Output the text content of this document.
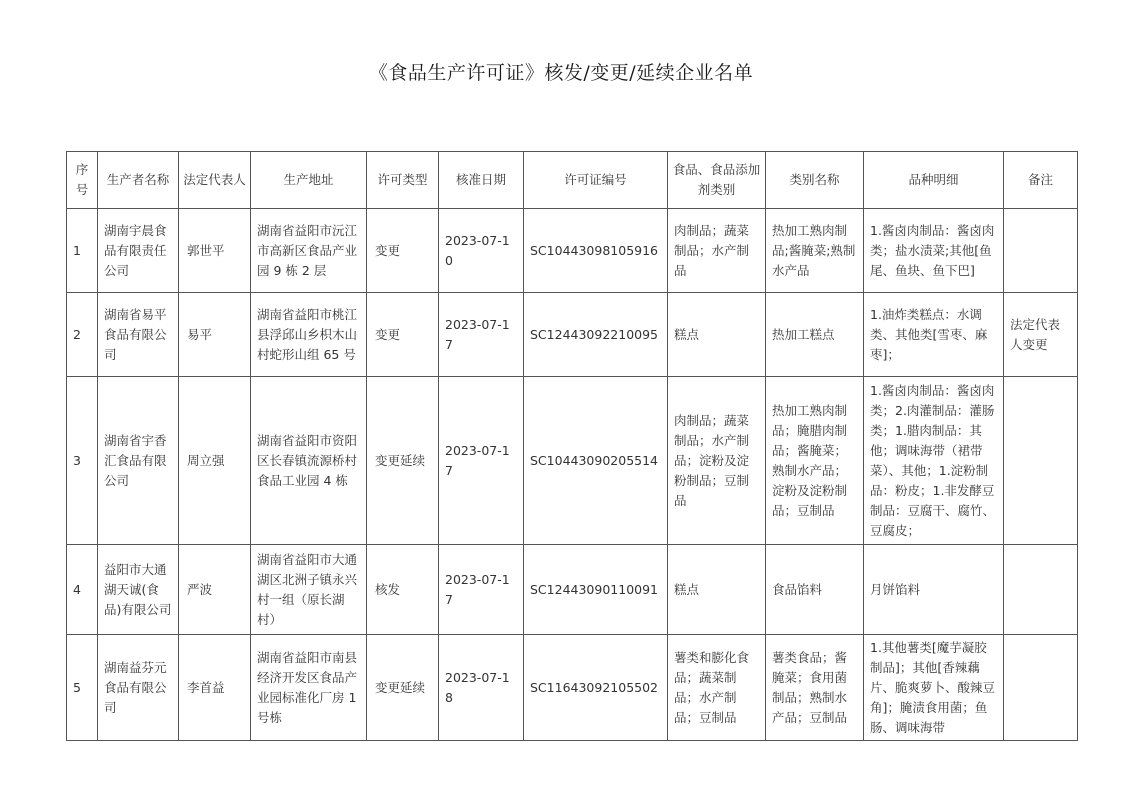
《食品生产许可证》核发/变更/延续企业名单
序号	生产者名称	法定代表人	生产地址	许可类型	核准日期	许可证编号	食品、食品添加剂类别	类别名称	品种明细	备注
1	湖南宇晨食品有限责任公司	郭世平	湖南省益阳市沅江市高新区食品产业园 9 栋 2 层	变更	2023-07-10	SC10443098105916	肉制品；蔬菜制品；水产制品	热加工熟肉制品;酱腌菜;熟制水产品	1.酱卤肉制品：酱卤肉类；盐水渍菜;其他[鱼尾、鱼块、鱼下巴]	
2	湖南省易平食品有限公司	易平	湖南省益阳市桃江县浮邱山乡枳木山村蛇形山组 65 号	变更	2023-07-17	SC12443092210095	糕点	热加工糕点	1.油炸类糕点：水调类、其他类[雪枣、麻枣]；	法定代表人变更
3	湖南省宇香汇食品有限公司	周立强	湖南省益阳市资阳区长春镇流源桥村食品工业园 4 栋	变更延续	2023-07-17	SC10443090205514	肉制品；蔬菜制品；水产制品；淀粉及淀粉制品；豆制品	热加工熟肉制品；腌腊肉制品；酱腌菜；熟制水产品；淀粉及淀粉制品；豆制品	1.酱卤肉制品：酱卤肉类；2.肉灌制品：灌肠类；1.腊肉制品：其他；调味海带（裙带菜）、其他；1.淀粉制品：粉皮；1.非发酵豆制品：豆腐干、腐竹、豆腐皮；	
4	益阳市大通湖天诚(食品)有限公司	严波	湖南省益阳市大通湖区北洲子镇永兴村一组（原长湖村）	核发	2023-07-17	SC12443090110091	糕点	食品馅料	月饼馅料	
5	湖南益芬元食品有限公司	李首益	湖南省益阳市南县经济开发区食品产业园标准化厂房 1 号栋	变更延续	2023-07-18	SC11643092105502	薯类和膨化食品；蔬菜制品；水产制品；豆制品	薯类食品；酱腌菜；食用菌制品；熟制水产品；豆制品	1.其他薯类[魔芋凝胶制品]；其他[香辣藕片、脆爽萝卜、酸辣豆角]；腌渍食用菌；鱼肠、调味海带	
